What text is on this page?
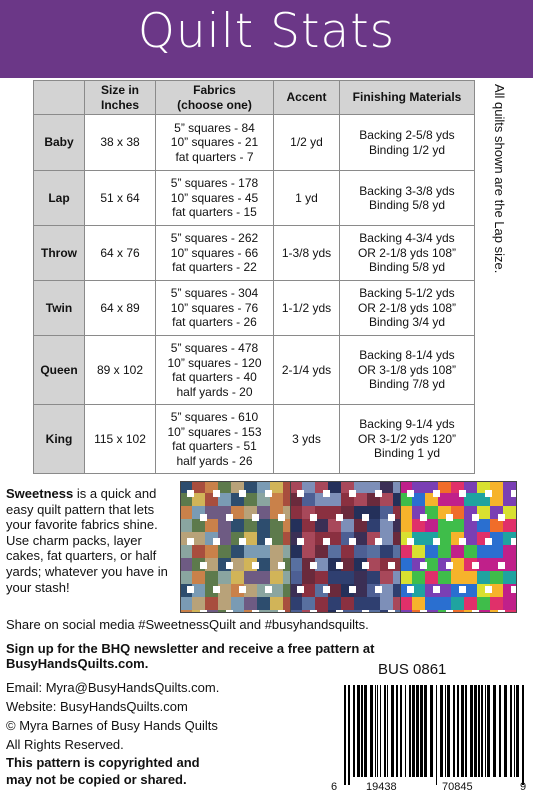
Quilt Stats

	Size in
Inches	Fabrics
(choose one)	Accent	Finishing Materials
Baby	38 x 38	5” squares - 84
10” squares - 21
fat quarters - 7	1/2 yd	Backing 2-5/8 yds
Binding 1/2 yd

Lap	51 x 64	5” squares - 178
10” squares - 45
fat quarters - 15	1 yd	Backing 3-3/8 yds
Binding 5/8 yd

Throw	64 x 76	5” squares - 262
10” squares - 66
fat quarters - 22	1-3/8 yds	Backing 4-3/4 yds
OR 2-1/8 yds 108”
Binding 5/8 yd

Twin	64 x 89	5” squares - 304
10” squares - 76
fat quarters - 26	1-1/2 yds	Backing 5-1/2 yds
OR 2-1/8 yds 108”
Binding 3/4 yd

Queen	89 x 102	5” squares - 478
10” squares - 120
fat quarters - 40
half yards - 20	2-1/4 yds	Backing 8-1/4 yds
OR 3-1/8 yds 108”
Binding 7/8 yd

King	115 x 102	5” squares - 610
10” squares - 153
fat quarters - 51
half yards - 26	3 yds	Backing 9-1/4 yds
OR 3-1/2 yds 120”
Binding 1 yd
All quilts shown are the Lap size.
Sweetness is a quick and easy quilt pattern that lets your favorite fabrics shine. Use charm packs, layer cakes, fat quarters, or half yards; whatever you have in your stash!
Share on social media #SweetnessQuilt and #busyhandsquilts.
Sign up for the BHQ newsletter and receive a free pattern at
BusyHandsQuilts.com.
Email: Myra@BusyHandsQuilts.com.
Website: BusyHandsQuilts.com
© Myra Barnes of Busy Hands Quilts
All Rights Reserved.
This pattern is copyrighted and
may not be copied or shared.
BUS 0861
6	19438	70845	9
